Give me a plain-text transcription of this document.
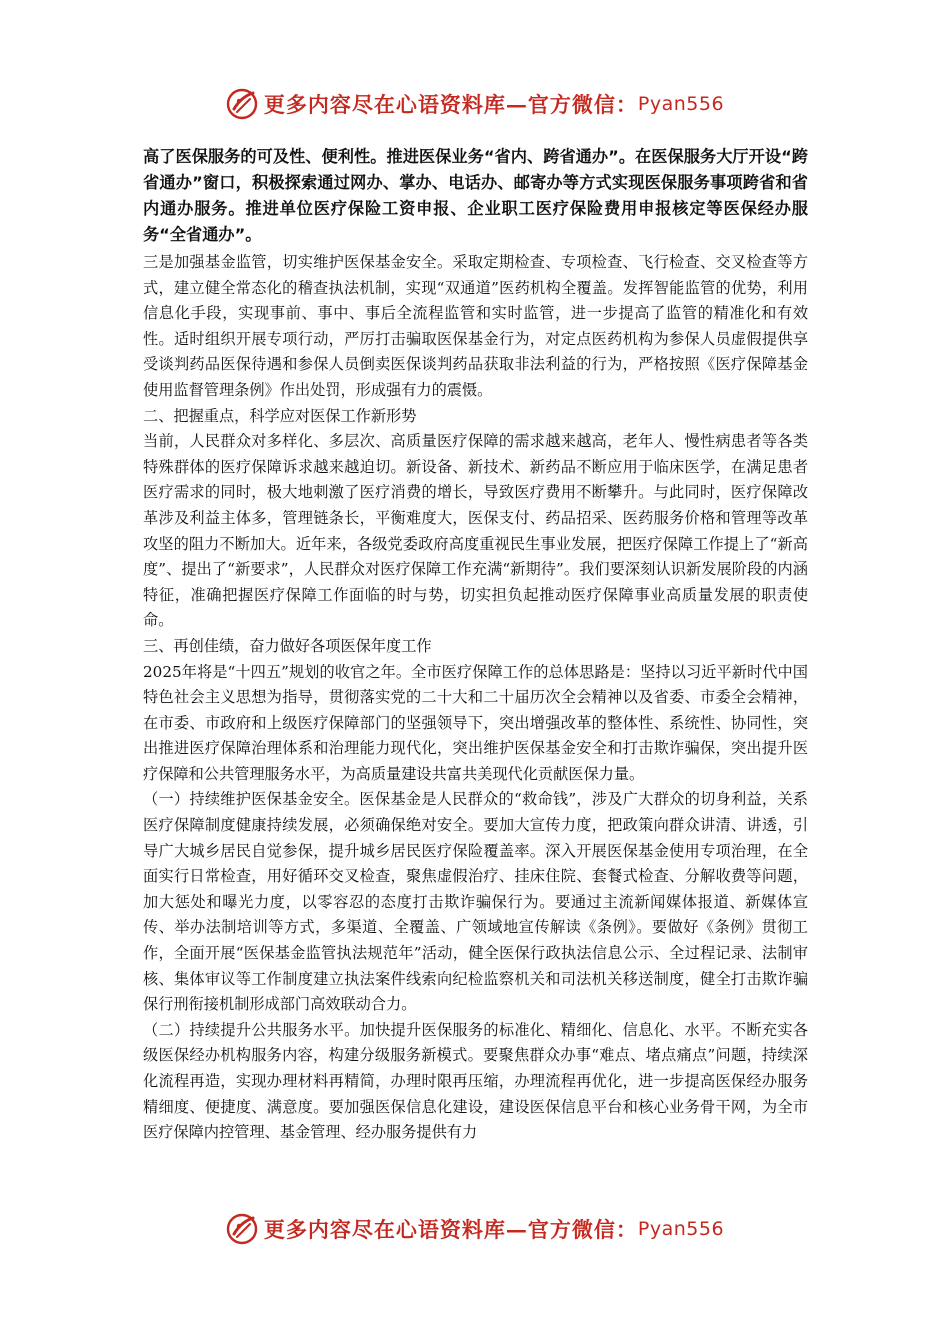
更多内容尽在心语资料库 — 官方微信： Pyan556

高了医保服务的可及性、便利性。推进医保业务“省内、跨省通办”。在医保服务大厅开设“跨省通办”窗口，积极探索通过网办、掌办、电话办、邮寄办等方式实现医保服务事项跨省和省内通办服务。推进单位医疗保险工资申报、企业职工医疗保险费用申报核定等医保经办服务“全省通办”。

三是加强基金监管，切实维护医保基金安全。采取定期检查、专项检查、飞行检查、交叉检查等方式，建立健全常态化的稽查执法机制，实现“双通道”医药机构全覆盖。发挥智能监管的优势，利用信息化手段，实现事前、事中、事后全流程监管和实时监管，进一步提高了监管的精准化和有效性。适时组织开展专项行动，严厉打击骗取医保基金行为，对定点医药机构为参保人员虚假提供享受谈判药品医保待遇和参保人员倒卖医保谈判药品获取非法利益的行为，严格按照《医疗保障基金使用监督管理条例》作出处罚，形成强有力的震慑。

二、把握重点，科学应对医保工作新形势

当前，人民群众对多样化、多层次、高质量医疗保障的需求越来越高，老年人、慢性病患者等各类特殊群体的医疗保障诉求越来越迫切。新设备、新技术、新药品不断应用于临床医学，在满足患者医疗需求的同时，极大地刺激了医疗消费的增长，导致医疗费用不断攀升。与此同时，医疗保障改革涉及利益主体多，管理链条长，平衡难度大，医保支付、药品招采、医药服务价格和管理等改革攻坚的阻力不断加大。近年来，各级党委政府高度重视民生事业发展，把医疗保障工作提上了“新高度”、提出了“新要求”，人民群众对医疗保障工作充满“新期待”。我们要深刻认识新发展阶段的内涵特征，准确把握医疗保障工作面临的时与势，切实担负起推动医疗保障事业高质量发展的职责使命。

三、再创佳绩，奋力做好各项医保年度工作

2025年将是“十四五”规划的收官之年。全市医疗保障工作的总体思路是：坚持以习近平新时代中国特色社会主义思想为指导，贯彻落实党的二十大和二十届历次全会精神以及省委、市委全会精神，在市委、市政府和上级医疗保障部门的坚强领导下，突出增强改革的整体性、系统性、协同性，突出推进医疗保障治理体系和治理能力现代化，突出维护医保基金安全和打击欺诈骗保，突出提升医疗保障和公共管理服务水平，为高质量建设共富共美现代化贡献医保力量。

（一）持续维护医保基金安全。医保基金是人民群众的“救命钱”，涉及广大群众的切身利益，关系医疗保障制度健康持续发展，必须确保绝对安全。要加大宣传力度，把政策向群众讲清、讲透，引导广大城乡居民自觉参保，提升城乡居民医疗保险覆盖率。深入开展医保基金使用专项治理，在全面实行日常检查，用好循环交叉检查，聚焦虚假治疗、挂床住院、套餐式检查、分解收费等问题，加大惩处和曝光力度，以零容忍的态度打击欺诈骗保行为。要通过主流新闻媒体报道、新媒体宣传、举办法制培训等方式，多渠道、全覆盖、广领域地宣传解读《条例》。要做好《条例》贯彻工作，全面开展“医保基金监管执法规范年”活动，健全医保行政执法信息公示、全过程记录、法制审核、集体审议等工作制度建立执法案件线索向纪检监察机关和司法机关移送制度，健全打击欺诈骗保行刑衔接机制形成部门高效联动合力。

（二）持续提升公共服务水平。加快提升医保服务的标准化、精细化、信息化、水平。不断充实各级医保经办机构服务内容，构建分级服务新模式。要聚焦群众办事“难点、堵点痛点”问题，持续深化流程再造，实现办理材料再精简，办理时限再压缩，办理流程再优化，进一步提高医保经办服务精细度、便捷度、满意度。要加强医保信息化建设，建设医保信息平台和核心业务骨干网，为全市医疗保障内控管理、基金管理、经办服务提供有力

更多内容尽在心语资料库 — 官方微信： Pyan556
